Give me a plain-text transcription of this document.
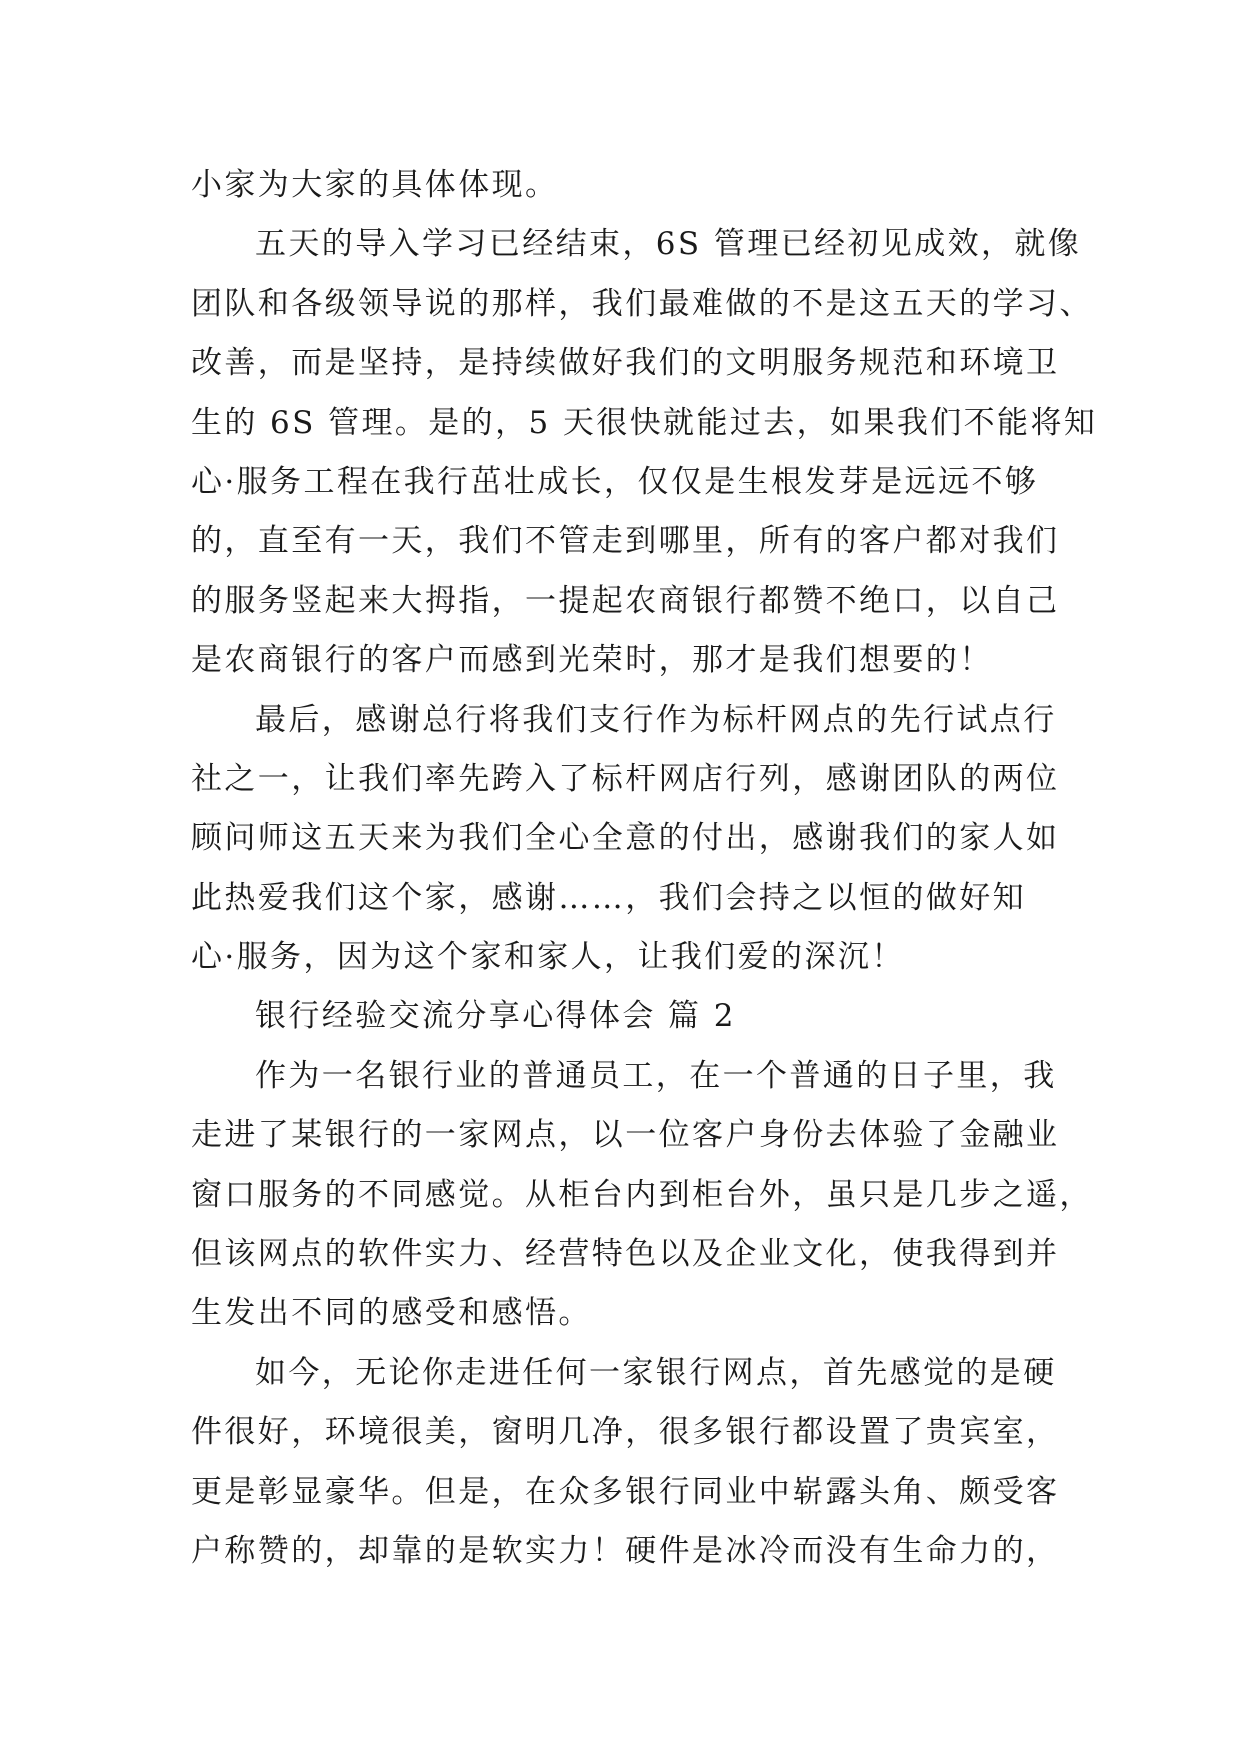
小家为大家的具体体现。
五天的导入学习已经结束，6S 管理已经初见成效，就像
团队和各级领导说的那样，我们最难做的不是这五天的学习、
改善，而是坚持，是持续做好我们的文明服务规范和环境卫
生的 6S 管理。是的，5 天很快就能过去，如果我们不能将知
心·服务工程在我行茁壮成长，仅仅是生根发芽是远远不够
的，直至有一天，我们不管走到哪里，所有的客户都对我们
的服务竖起来大拇指，一提起农商银行都赞不绝口，以自己
是农商银行的客户而感到光荣时，那才是我们想要的！
最后，感谢总行将我们支行作为标杆网点的先行试点行
社之一，让我们率先跨入了标杆网店行列，感谢团队的两位
顾问师这五天来为我们全心全意的付出，感谢我们的家人如
此热爱我们这个家，感谢……，我们会持之以恒的做好知
心·服务，因为这个家和家人，让我们爱的深沉！
银行经验交流分享心得体会 篇 2
作为一名银行业的普通员工，在一个普通的日子里，我
走进了某银行的一家网点，以一位客户身份去体验了金融业
窗口服务的不同感觉。从柜台内到柜台外，虽只是几步之遥，
但该网点的软件实力、经营特色以及企业文化，使我得到并
生发出不同的感受和感悟。
如今，无论你走进任何一家银行网点，首先感觉的是硬
件很好，环境很美，窗明几净，很多银行都设置了贵宾室，
更是彰显豪华。但是，在众多银行同业中崭露头角、颇受客
户称赞的，却靠的是软实力！硬件是冰冷而没有生命力的，
